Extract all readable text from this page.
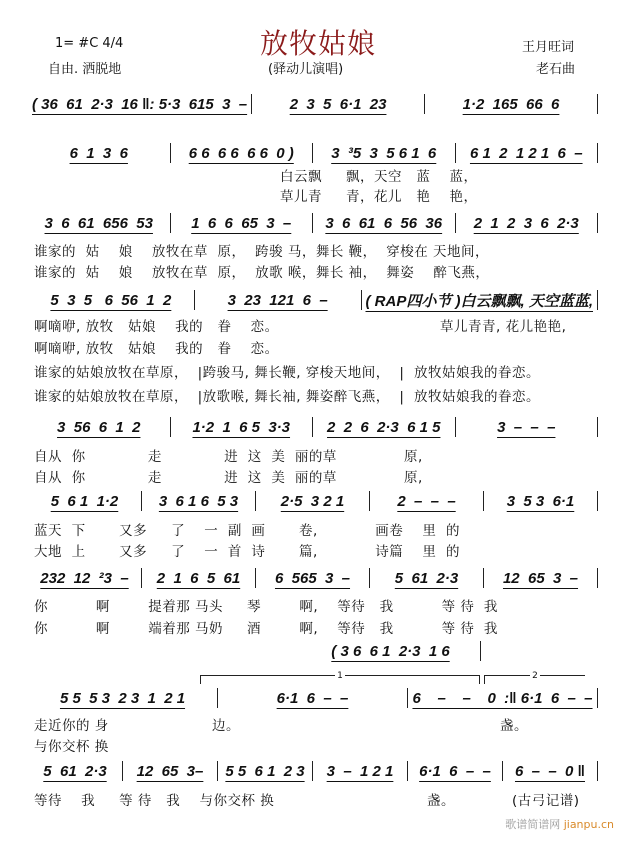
放牧姑娘
1= #C 4/4
自由. 洒脱地	(驿动儿演唱)
王月旺词
老石曲
( 36  61  2·3  16 ‖: 5·3  615  3  –	2  3  5  6·1  23	1·2  165  66  6
6  1  3  6	6 6  6 6  6 6  0 )	3  ³5  3  5 6 1  6	6 1  2  1 2 1  6  –
白云飘     飘，天空   蓝    蓝，
草儿青     青，花儿   艳    艳，
3  6  61  656  53	1  6  6  65  3  –	3  6  61  6  56  36	2  1  2  3  6  2·3
谁家的  姑    娘    放牧在草  原，  跨骏 马，舞长 鞭，  穿梭在 天地间，
谁家的  姑    娘    放牧在草  原，  放歌 喉，舞长 袖，  舞姿    醉飞燕，
5  3  5   6  56  1  2	3  23  121  6  –	( RAP四小节 )白云飘飘, 天空蓝蓝,
啊嘀咿, 放牧   姑娘    我的   眷    恋。	草儿青青, 花儿艳艳,
啊嘀咿, 放牧   姑娘    我的   眷    恋。
谁家的姑娘放牧在草原，  |跨骏马, 舞长鞭, 穿梭天地间，  |  放牧姑娘我的眷恋。
谁家的姑娘放牧在草原，  |放歌喉, 舞长袖, 舞姿醉飞燕，  |  放牧姑娘我的眷恋。
3  56  6  1  2	1·2  1  6 5  3·3	2  2  6  2·3  6 1 5	3  –  –  –
自从  你             走             进  这  美  丽的草              原,
自从  你             走             进  这  美  丽的草              原,
5  6 1  1·2	3  6 1 6  5 3	2·5  3 2 1	2  –  –  –	3  5 3  6·1
蓝天  下       又多     了    一  副  画       卷,            画卷    里  的
大地  上       又多     了    一  首  诗       篇,            诗篇    里  的
232  12  ²3  –	2  1  6  5  61	6  565  3  –	5  61  2·3	12  65  3  –
你          啊        提着那 马头     琴        啊,    等待   我          等 待  我
你          啊        端着那 马奶     酒        啊,    等待   我          等 待  我
( 3 6  6 1  2·3  1 6
1	2
5 5  5 3  2 3  1  2 1	6·1  6  –  –	6    –    –    0  :‖ 6·1  6  –  –
走近你的 身	边。	盏。
与你交杯 换
5  61  2·3	12  65  3–	5 5  6 1  2 3	3  –  1 2 1	6·1  6  –  –	6  –  –  0 ‖
等待    我     等 待   我    与你交杯 换	盏。	(古弓记谱)
歌谱简谱网 jianpu.cn
